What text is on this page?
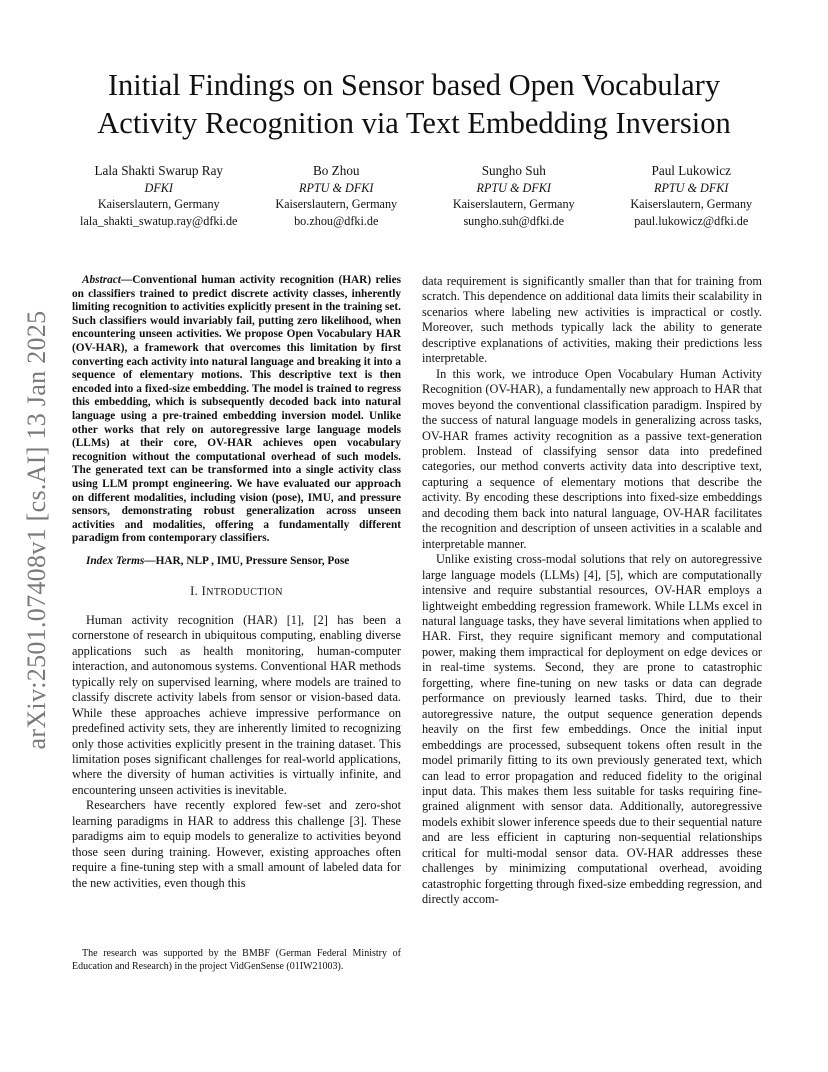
arXiv:2501.07408v1 [cs.AI] 13 Jan 2025
Initial Findings on Sensor based Open Vocabulary
Activity Recognition via Text Embedding Inversion
Lala Shakti Swarup Ray
DFKI
Kaiserslautern, Germany
lala_shakti_swatup.ray@dfki.de
Bo Zhou
RPTU & DFKI
Kaiserslautern, Germany
bo.zhou@dfki.de
Sungho Suh
RPTU & DFKI
Kaiserslautern, Germany
sungho.suh@dfki.de
Paul Lukowicz
RPTU & DFKI
Kaiserslautern, Germany
paul.lukowicz@dfki.de

Abstract—Conventional human activity recognition (HAR) relies on classifiers trained to predict discrete activity classes, inherently limiting recognition to activities explicitly present in the training set. Such classifiers would invariably fail, putting zero likelihood, when encountering unseen activities. We propose Open Vocabulary HAR (OV-HAR), a framework that overcomes this limitation by first converting each activity into natural language and breaking it into a sequence of elementary motions. This descriptive text is then encoded into a fixed-size embedding. The model is trained to regress this embedding, which is subsequently decoded back into natural language using a pre-trained embedding inversion model. Unlike other works that rely on autoregressive large language models (LLMs) at their core, OV-HAR achieves open vocabulary recognition without the computational overhead of such models. The generated text can be transformed into a single activity class using LLM prompt engineering. We have evaluated our approach on different modalities, including vision (pose), IMU, and pressure sensors, demonstrating robust generalization across unseen activities and modalities, offering a fundamentally different paradigm from contemporary classifiers.

Index Terms—HAR, NLP , IMU, Pressure Sensor, Pose

I. INTRODUCTION

Human activity recognition (HAR) [1], [2] has been a cornerstone of research in ubiquitous computing, enabling diverse applications such as health monitoring, human-computer interaction, and autonomous systems. Conventional HAR methods typically rely on supervised learning, where models are trained to classify discrete activity labels from sensor or vision-based data. While these approaches achieve impressive performance on predefined activity sets, they are inherently limited to recognizing only those activities explicitly present in the training dataset. This limitation poses significant challenges for real-world applications, where the diversity of human activities is virtually infinite, and encountering unseen activities is inevitable.

Researchers have recently explored few-set and zero-shot learning paradigms in HAR to address this challenge [3]. These paradigms aim to equip models to generalize to activities beyond those seen during training. However, existing approaches often require a fine-tuning step with a small amount of labeled data for the new activities, even though this

The research was supported by the BMBF (German Federal Ministry of Education and Research) in the project VidGenSense (01IW21003).

data requirement is significantly smaller than that for training from scratch. This dependence on additional data limits their scalability in scenarios where labeling new activities is impractical or costly. Moreover, such methods typically lack the ability to generate descriptive explanations of activities, making their predictions less interpretable.

In this work, we introduce Open Vocabulary Human Activity Recognition (OV-HAR), a fundamentally new approach to HAR that moves beyond the conventional classification paradigm. Inspired by the success of natural language models in generalizing across tasks, OV-HAR frames activity recognition as a passive text-generation problem. Instead of classifying sensor data into predefined categories, our method converts activity data into descriptive text, capturing a sequence of elementary motions that describe the activity. By encoding these descriptions into fixed-size embeddings and decoding them back into natural language, OV-HAR facilitates the recognition and description of unseen activities in a scalable and interpretable manner.

Unlike existing cross-modal solutions that rely on autoregressive large language models (LLMs) [4], [5], which are computationally intensive and require substantial resources, OV-HAR employs a lightweight embedding regression framework. While LLMs excel in natural language tasks, they have several limitations when applied to HAR. First, they require significant memory and computational power, making them impractical for deployment on edge devices or in real-time systems. Second, they are prone to catastrophic forgetting, where fine-tuning on new tasks or data can degrade performance on previously learned tasks. Third, due to their autoregressive nature, the output sequence generation depends heavily on the first few embeddings. Once the initial input embeddings are processed, subsequent tokens often result in the model primarily fitting to its own previously generated text, which can lead to error propagation and reduced fidelity to the original input data. This makes them less suitable for tasks requiring fine-grained alignment with sensor data. Additionally, autoregressive models exhibit slower inference speeds due to their sequential nature and are less efficient in capturing non-sequential relationships critical for multi-modal sensor data. OV-HAR addresses these challenges by minimizing computational overhead, avoiding catastrophic forgetting through fixed-size embedding regression, and directly accom-
